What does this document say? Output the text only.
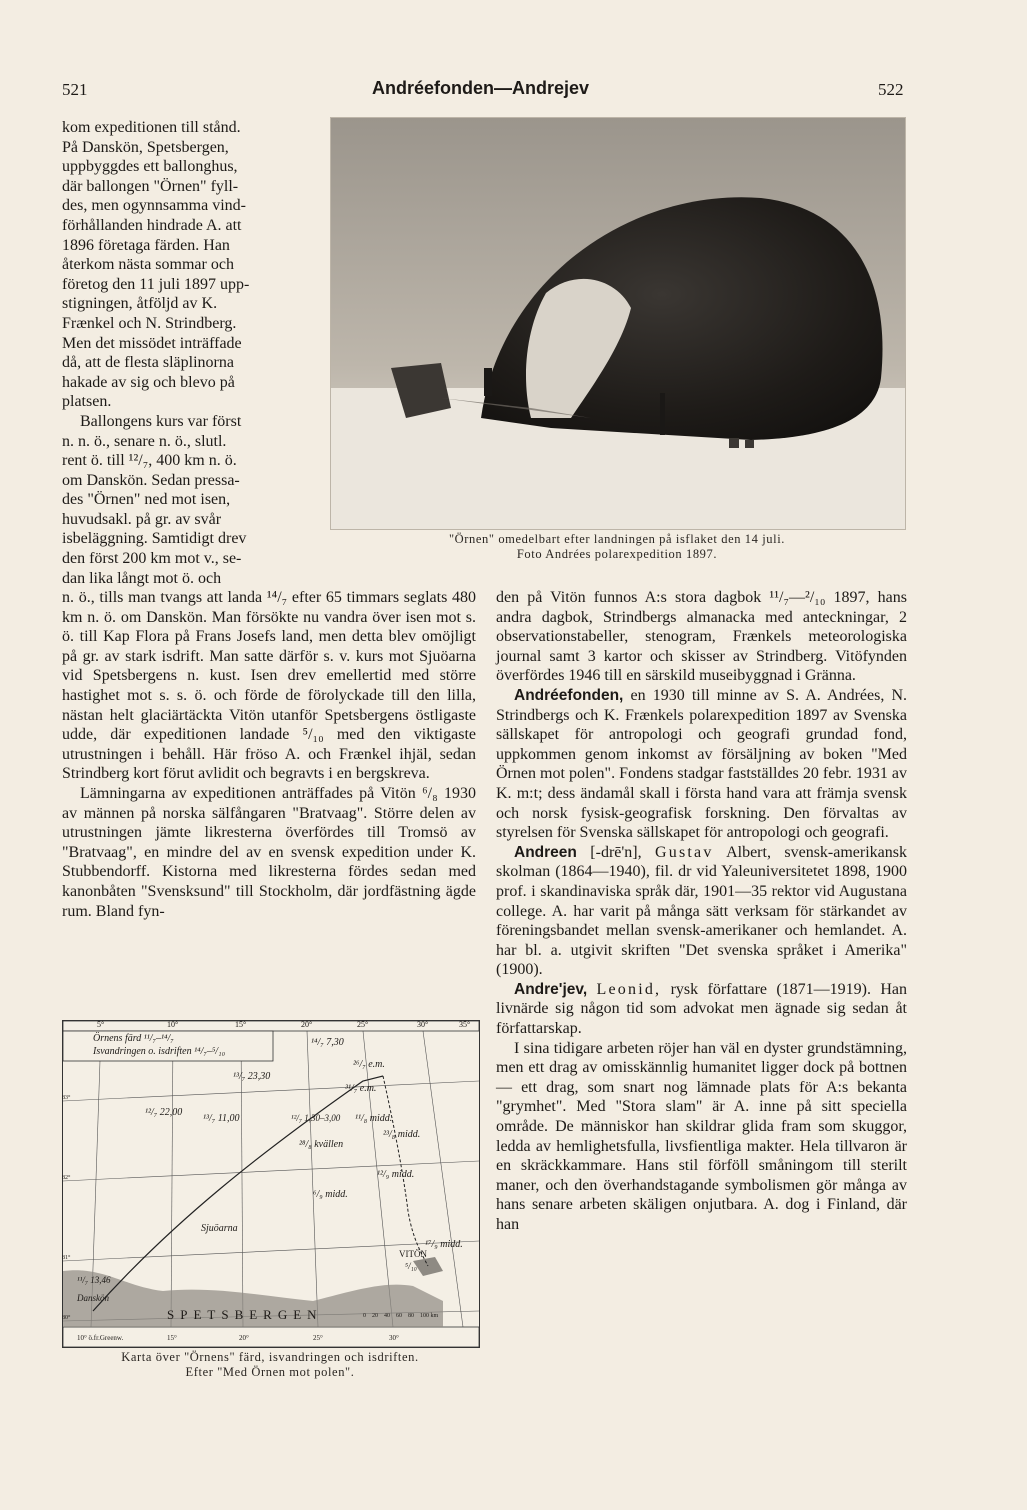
521	Andréefonden—Andrejev	522
kom expeditionen till stånd.
På Danskön, Spetsbergen,
uppbyggdes ett ballonghus,
där ballongen "Örnen" fyll-
des, men ogynnsamma vind-
förhållanden hindrade A. att
1896 företaga färden. Han
återkom nästa sommar och
företog den 11 juli 1897 upp-
stigningen, åtföljd av K.
Frænkel och N. Strindberg.
Men det missödet inträffade
då, att de flesta släplinorna
hakade av sig och blevo på
platsen.
Ballongens kurs var först
n. n. ö., senare n. ö., slutl.
rent ö. till ¹²/₇, 400 km n. ö.
om Danskön. Sedan pressa-
des "Örnen" ned mot isen,
huvudsakl. på gr. av svår
isbeläggning. Samtidigt drev
den först 200 km mot v., se-
dan lika långt mot ö. och
"Örnen" omedelbart efter landningen på isflaket den 14 juli.
Foto Andrées polarexpedition 1897.

n. ö., tills man tvangs att landa ¹⁴/₇ efter 65 timmars seglats 480 km n. ö. om Danskön. Man försökte nu vandra över isen mot s. ö. till Kap Flora på Frans Josefs land, men detta blev omöjligt på gr. av stark isdrift. Man satte därför s. v. kurs mot Sjuöarna vid Spetsbergens n. kust. Isen drev emellertid med större hastighet mot s. s. ö. och förde de förolyckade till den lilla, nästan helt glaciärtäckta Vitön utanför Spetsbergens östligaste udde, där expeditionen landade ⁵/₁₀ med den viktigaste utrustningen i behåll. Här fröso A. och Frænkel ihjäl, sedan Strindberg kort förut avlidit och begravts i en bergskreva.

Lämningarna av expeditionen anträffades på Vitön ⁶/₈ 1930 av männen på norska sälfångaren "Bratvaag". Större delen av utrustningen jämte likresterna överfördes till Tromsö av "Bratvaag", en mindre del av en svensk expedition under K. Stubbendorff. Kistorna med likresterna fördes sedan med kanonbåten "Svensksund" till Stockholm, där jordfästning ägde rum. Bland fyn-

den på Vitön funnos A:s stora dagbok ¹¹/₇—²/₁₀ 1897, hans andra dagbok, Strindbergs almanacka med anteckningar, 2 observationstabeller, stenogram, Frænkels meteorologiska journal samt 3 kartor och skisser av Strindberg. Vitöfynden överfördes 1946 till en särskild museibyggnad i Gränna.

Andréefonden, en 1930 till minne av S. A. Andrées, N. Strindbergs och K. Frænkels polarexpedition 1897 av Svenska sällskapet för antropologi och geografi grundad fond, uppkommen genom inkomst av försäljning av boken "Med Örnen mot polen". Fondens stadgar fastställdes 20 febr. 1931 av K. m:t; dess ändamål skall i första hand vara att främja svensk och norsk fysisk-geografisk forskning. Den förvaltas av styrelsen för Svenska sällskapet för antropologi och geografi.

Andreen [-drē'n], Gustav Albert, svensk-amerikansk skolman (1864—1940), fil. dr vid Yaleuniversitetet 1898, 1900 prof. i skandinaviska språk där, 1901—35 rektor vid Augustana college. A. har varit på många sätt verksam för stärkandet av föreningsbandet mellan svensk-amerikaner och hemlandet. A. har bl. a. utgivit skriften "Det svenska språket i Amerika" (1900).

Andre'jev, Leonid, rysk författare (1871—1919). Han livnärde sig någon tid som advokat men ägnade sig sedan åt författarskap.

I sina tidigare arbeten röjer han väl en dyster grundstämning, men ett drag av omisskännlig humanitet ligger dock på bottnen — ett drag, som snart nog lämnade plats för A:s bekanta "grymhet". Med "Stora slam" är A. inne på sitt speciella område. De människor han skildrar glida fram som skuggor, ledda av hemlighetsfulla, livsfientliga makter. Hela tillvaron är en skräckkammare. Hans stil förföll småningom till sterilt maner, och den överhandstagande symbolismen gör många av hans senare arbeten skäligen onjutbara. A. dog i Finland, där han

Örnens färd ¹¹/₇–¹⁴/₇
Isvandringen o. isdriften ¹⁴/₇–⁵/₁₀
¹⁴/₇ 7,30
²⁶/₇ e.m.
¹³/₇ 23,30
³¹/₇ e.m.
¹²/₇ 22,00
¹³/₇ 11,00	¹²/₇ 1,30–3,00 ¹¹/₈ midd.
²³/₈ midd.
²⁸/₈ kvällen
¹²/₉ midd.
⁶/₉ midd.
Sjuöarna
¹⁷/₉ midd.
VITÖN
⁵/₁₀
¹¹/₇ 13,46
Danskön
SPETSBERGEN	0 20 40 60 80 100 km
5°	10°	15°	20°	25°	30°	35°
10° ö.fr.Greenw.	15°	20°	25°	30°
83°
82°
81°
80°
Karta över "Örnens" färd, isvandringen och isdriften.
Efter "Med Örnen mot polen".
